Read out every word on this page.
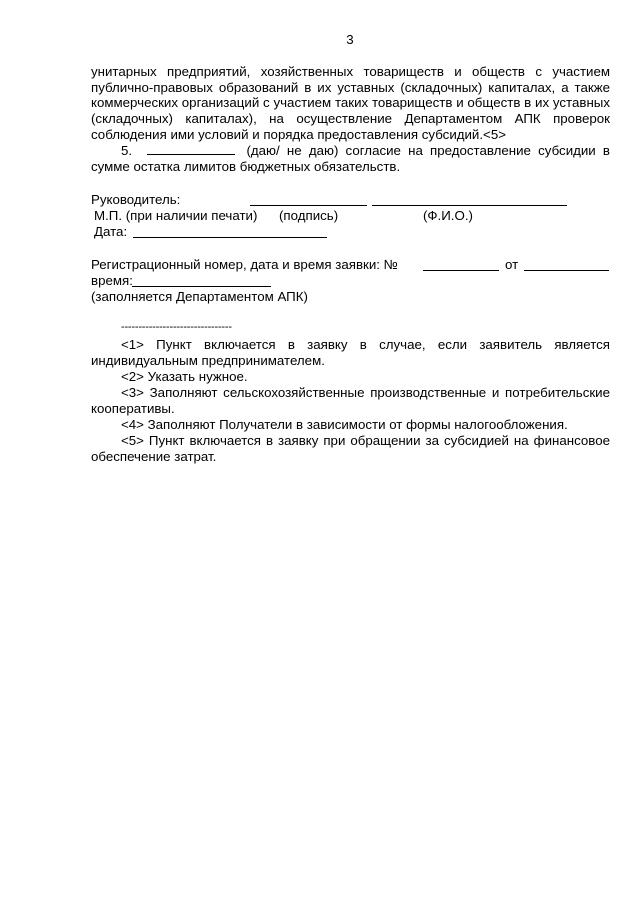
3

унитарных предприятий, хозяйственных товариществ и обществ с участием публично-правовых образований в их уставных (складочных) капиталах, а также коммерческих организаций с участием таких товариществ и обществ в их уставных (складочных) капиталах), на осуществление Департаментом АПК проверок соблюдения ими условий и порядка предоставления субсидий.<5>

5.	(даю/ не даю) согласие на предоставление субсидии в сумме остатка лимитов бюджетных обязательств.
Руководитель:
М.П. (при наличии печати) (подпись)	(Ф.И.О.)
Дата:
Регистрационный номер, дата и время заявки: №	от
время:
(заполняется Департаментом АПК)
--------------------------------

<1> Пункт включается в заявку в случае, если заявитель является индивидуальным предпринимателем.

<2> Указать нужное.

<3> Заполняют сельскохозяйственные производственные и потребительские кооперативы.

<4> Заполняют Получатели в зависимости от формы налогообложения.

<5> Пункт включается в заявку при обращении за субсидией на финансовое обеспечение затрат.
